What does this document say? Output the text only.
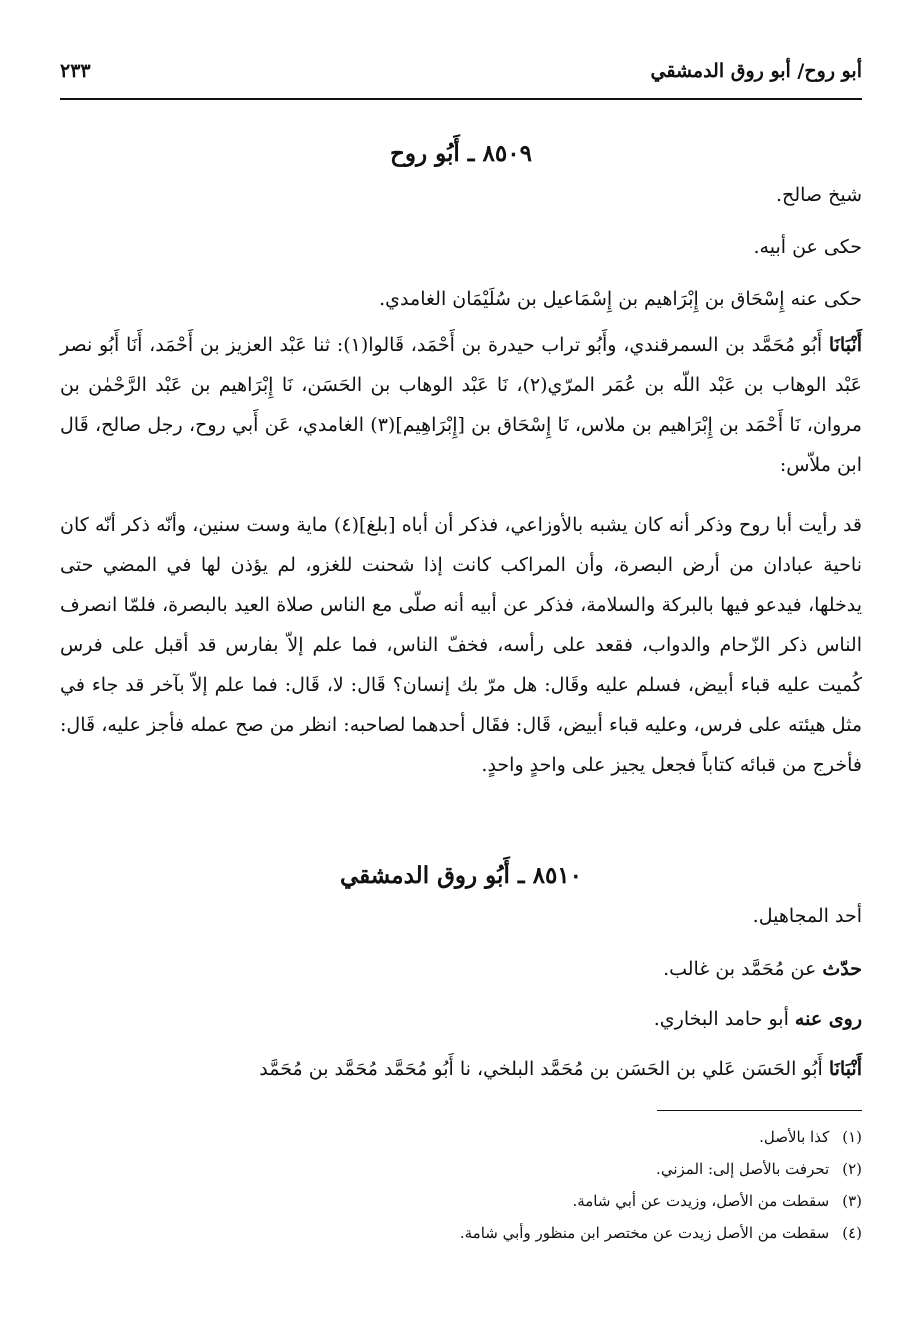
أبو روح/ أبو روق الدمشقي
٢٣٣
٨٥٠٩ ـ أَبُو روح
شيخ صالح.
حكى عن أبيه.
حكى عنه إِسْحَاق بن إِبْرَاهيم بن إِسْمَاعيل بن سُلَيْمَان الغامدي.
أَنْبَانَا أَبُو مُحَمَّد بن السمرقندي، وأَبُو تراب حيدرة بن أَحْمَد، قَالوا(١): ثنا عَبْد العزيز بن أَحْمَد، أَنَا أَبُو نصر عَبْد الوهاب بن عَبْد اللّه بن عُمَر المرّي(٢)، نَا عَبْد الوهاب بن الحَسَن، نَا إِبْرَاهيم بن عَبْد الرَّحْمٰن بن مروان، نَا أَحْمَد بن إِبْرَاهيم بن ملاس، نَا إِسْحَاق بن [إِبْرَاهِيم](٣) الغامدي، عَن أَبي روح، رجل صالح، قَال ابن ملاّس:
قد رأيت أبا روح وذكر أنه كان يشبه بالأوزاعي، فذكر أن أباه [بلغ](٤) ماية وست سنين، وأنّه ذكر أنّه كان ناحية عبادان من أرض البصرة، وأن المراكب كانت إذا شحنت للغزو، لم يؤذن لها في المضي حتى يدخلها، فيدعو فيها بالبركة والسلامة، فذكر عن أبيه أنه صلّى مع الناس صلاة العيد بالبصرة، فلمّا انصرف الناس ذكر الزّحام والدواب، فقعد على رأسه، فخفّ الناس، فما علم إلاّ بفارس قد أقبل على فرس كُميت عليه قباء أبيض، فسلم عليه وقَال: هل مرّ بك إنسان؟ قَال: لا، قَال: فما علم إلاّ بآخر قد جاء في مثل هيئته على فرس، وعليه قباء أبيض، قَال: فقَال أحدهما لصاحبه: انظر من صح عمله فأجز عليه، قَال: فأخرج من قبائه كتاباً فجعل يجيز على واحدٍ واحدٍ.
٨٥١٠ ـ أَبُو روق الدمشقي
أحد المجاهيل.
حدّث عن مُحَمَّد بن غالب.
روى عنه أبو حامد البخاري.
أَنْبَانَا أَبُو الحَسَن عَلي بن الحَسَن بن مُحَمَّد البلخي، نا أَبُو مُحَمَّد مُحَمَّد بن مُحَمَّد
(١) كذا بالأصل.
(٢) تحرفت بالأصل إلى: المزني.
(٣) سقطت من الأصل، وزيدت عن أبي شامة.
(٤) سقطت من الأصل زيدت عن مختصر ابن منظور وأبي شامة.
